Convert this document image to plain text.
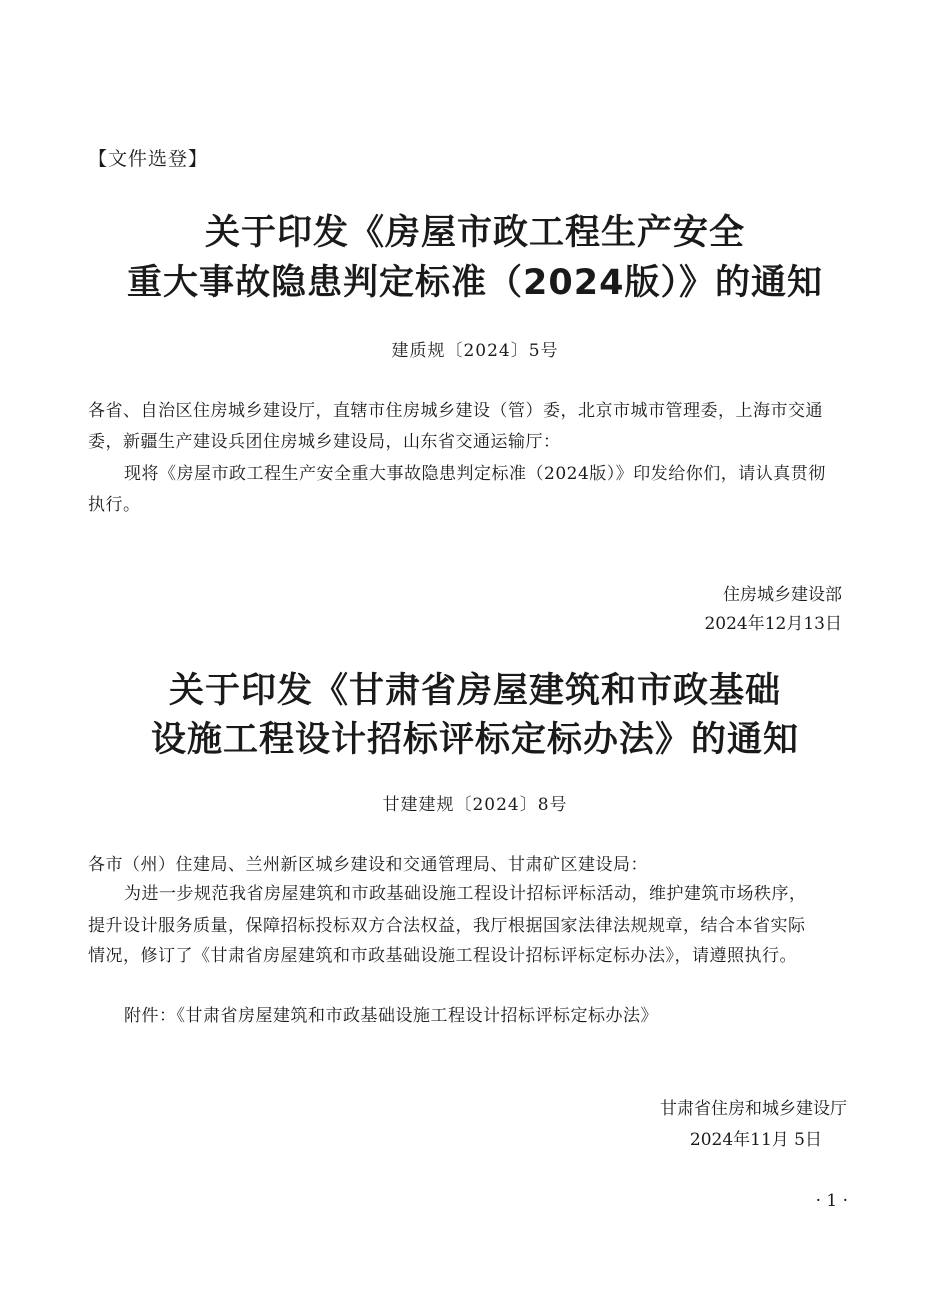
【文件选登】
关于印发《房屋市政工程生产安全
重大事故隐患判定标准（2024版）》的通知
建质规〔2024〕5号
各省、自治区住房城乡建设厅，直辖市住房城乡建设（管）委，北京市城市管理委，上海市交通
委，新疆生产建设兵团住房城乡建设局，山东省交通运输厅：
现将《房屋市政工程生产安全重大事故隐患判定标准（2024版）》印发给你们，请认真贯彻
执行。
住房城乡建设部
2024年12月13日
关于印发《甘肃省房屋建筑和市政基础
设施工程设计招标评标定标办法》的通知
甘建建规〔2024〕8号
各市（州）住建局、兰州新区城乡建设和交通管理局、甘肃矿区建设局：
为进一步规范我省房屋建筑和市政基础设施工程设计招标评标活动，维护建筑市场秩序，
提升设计服务质量，保障招标投标双方合法权益，我厅根据国家法律法规规章，结合本省实际
情况，修订了《甘肃省房屋建筑和市政基础设施工程设计招标评标定标办法》，请遵照执行。
附件：《甘肃省房屋建筑和市政基础设施工程设计招标评标定标办法》
甘肃省住房和城乡建设厅
2024年11月 5日
· 1 ·
